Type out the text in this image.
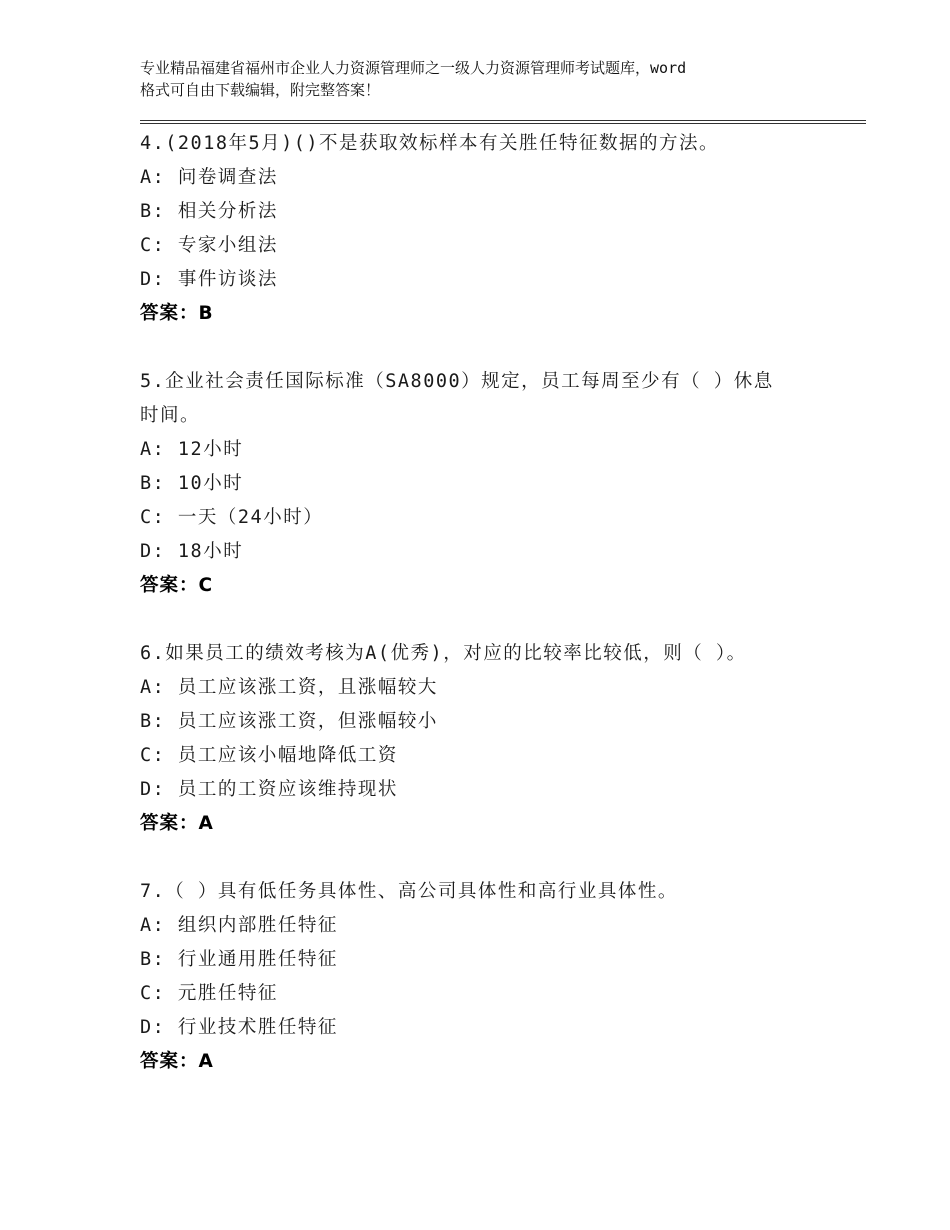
专业精品福建省福州市企业人力资源管理师之一级人力资源管理师考试题库，word
格式可自由下载编辑，附完整答案！
4.(2018年5月)()不是获取效标样本有关胜任特征数据的方法。
A: 问卷调查法
B: 相关分析法
C: 专家小组法
D: 事件访谈法
答案：B
5.企业社会责任国际标准（SA8000）规定，员工每周至少有（ ）休息
时间。
A: 12小时
B: 10小时
C: 一天（24小时）
D: 18小时
答案：C
6.如果员工的绩效考核为A(优秀)，对应的比较率比较低，则（ ）。
A: 员工应该涨工资，且涨幅较大
B: 员工应该涨工资，但涨幅较小
C: 员工应该小幅地降低工资
D: 员工的工资应该维持现状
答案：A
7.（ ）具有低任务具体性、高公司具体性和高行业具体性。
A: 组织内部胜任特征
B: 行业通用胜任特征
C: 元胜任特征
D: 行业技术胜任特征
答案：A
